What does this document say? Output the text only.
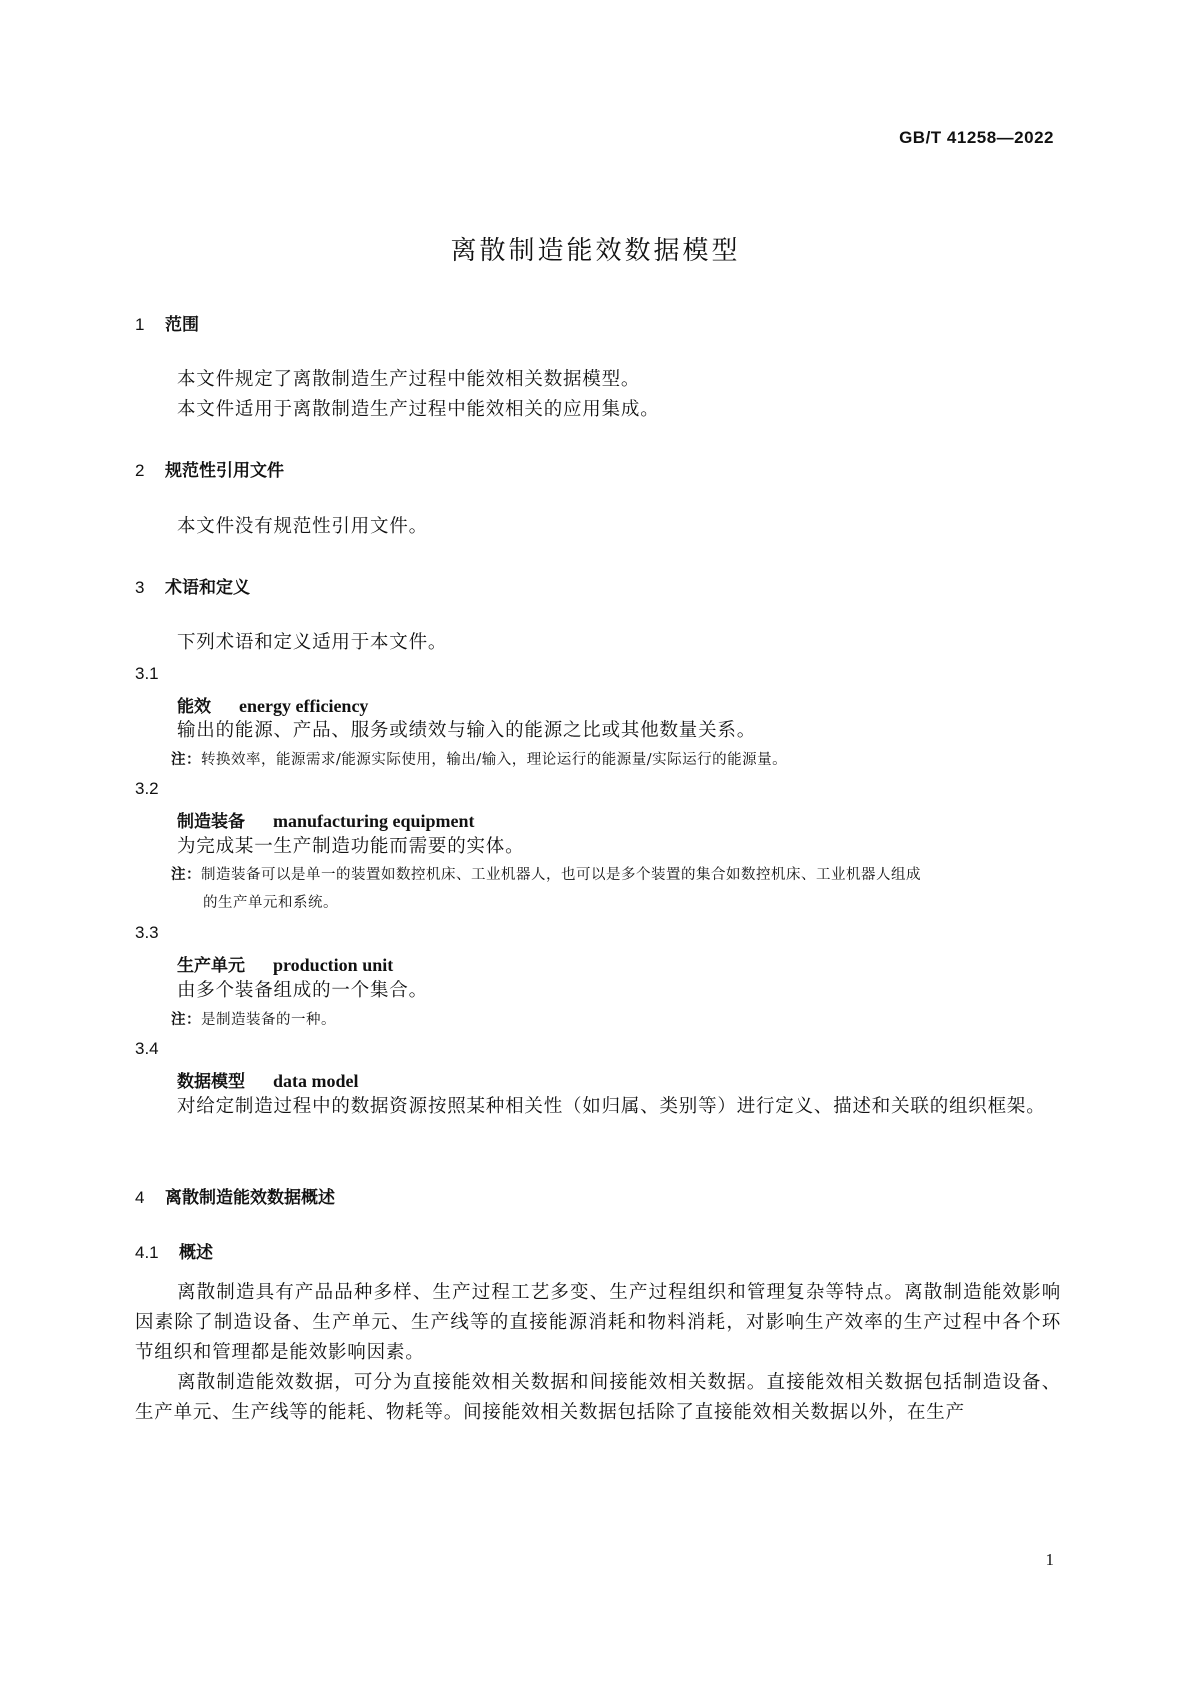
GB/T 41258—2022
离散制造能效数据模型
1 范围
本文件规定了离散制造生产过程中能效相关数据模型。
本文件适用于离散制造生产过程中能效相关的应用集成。
2 规范性引用文件
本文件没有规范性引用文件。
3 术语和定义
下列术语和定义适用于本文件。
3.1
能效 energy efficiency
输出的能源、产品、服务或绩效与输入的能源之比或其他数量关系。
注：转换效率，能源需求/能源实际使用，输出/输入，理论运行的能源量/实际运行的能源量。
3.2
制造装备 manufacturing equipment
为完成某一生产制造功能而需要的实体。
注：制造装备可以是单一的装置如数控机床、工业机器人，也可以是多个装置的集合如数控机床、工业机器人组成
的生产单元和系统。
3.3
生产单元 production unit
由多个装备组成的一个集合。
注：是制造装备的一种。
3.4
数据模型 data model
对给定制造过程中的数据资源按照某种相关性（如归属、类别等）进行定义、描述和关联的组织框架。
4 离散制造能效数据概述
4.1 概述
离散制造具有产品品种多样、生产过程工艺多变、生产过程组织和管理复杂等特点。离散制造能效影响因素除了制造设备、生产单元、生产线等的直接能源消耗和物料消耗，对影响生产效率的生产过程中各个环节组织和管理都是能效影响因素。
离散制造能效数据，可分为直接能效相关数据和间接能效相关数据。直接能效相关数据包括制造设备、生产单元、生产线等的能耗、物耗等。间接能效相关数据包括除了直接能效相关数据以外，在生产
1
